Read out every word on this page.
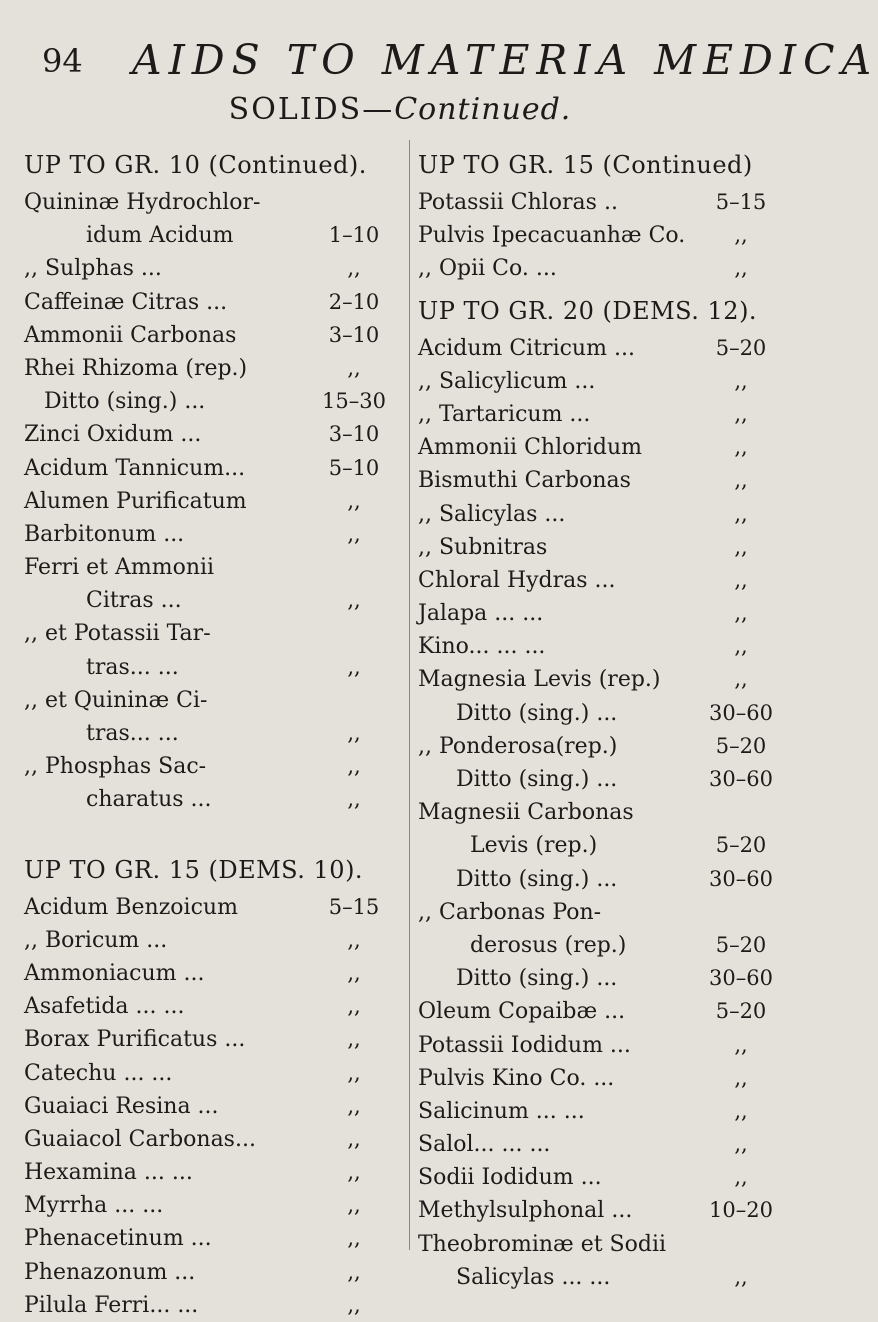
94 AIDS TO MATERIA MEDICA
SOLIDS—Continued.
UP TO GR. 10 (Continued).
Quininæ Hydrochlor-
idum Acidum	1–10
,, Sulphas ...	,,
Caffeinæ Citras ...	2–10
Ammonii Carbonas	3–10
Rhei Rhizoma (rep.)	,,
Ditto (sing.) ...	15–30
Zinci Oxidum ...	3–10
Acidum Tannicum...	5–10
Alumen Purificatum	,,
Barbitonum ...	,,
Ferri et Ammonii
Citras ...	,,
,, et Potassii Tar-
tras... ...	,,
,, et Quininæ Ci-
tras... ...	,,
,, Phosphas Sac-	,,
charatus ...	,,
UP TO GR. 15 (DEMS. 10).
Acidum Benzoicum	5–15
,, Boricum ...	,,
Ammoniacum ...	,,
Asafetida ... ...	,,
Borax Purificatus ...	,,
Catechu ... ...	,,
Guaiaci Resina ...	,,
Guaiacol Carbonas...	,,
Hexamina ... ...	,,
Myrrha ... ...	,,
Phenacetinum ...	,,
Phenazonum ...	,,
Pilula Ferri... ...	,,
UP TO GR. 15 (Continued)
Potassii Chloras ..	5–15
Pulvis Ipecacuanhæ Co.	,,
,, Opii Co. ...	,,
UP TO GR. 20 (DEMS. 12).
Acidum Citricum ...	5–20
,, Salicylicum ...	,,
,, Tartaricum ...	,,
Ammonii Chloridum	,,
Bismuthi Carbonas	,,
,, Salicylas ...	,,
,, Subnitras	,,
Chloral Hydras ...	,,
Jalapa ... ...	,,
Kino... ... ...	,,
Magnesia Levis (rep.)	,,
Ditto (sing.) ...	30–60
,, Ponderosa(rep.)	5–20
Ditto (sing.) ...	30–60
Magnesii Carbonas
Levis (rep.)	5–20
Ditto (sing.) ...	30–60
,, Carbonas Pon-
derosus (rep.)	5–20
Ditto (sing.) ...	30–60
Oleum Copaibæ ...	5–20
Potassii Iodidum ...	,,
Pulvis Kino Co. ...	,,
Salicinum ... ...	,,
Salol... ... ...	,,
Sodii Iodidum ...	,,
Methylsulphonal ...	10–20
Theobrominæ et Sodii
Salicylas ... ...	,,
